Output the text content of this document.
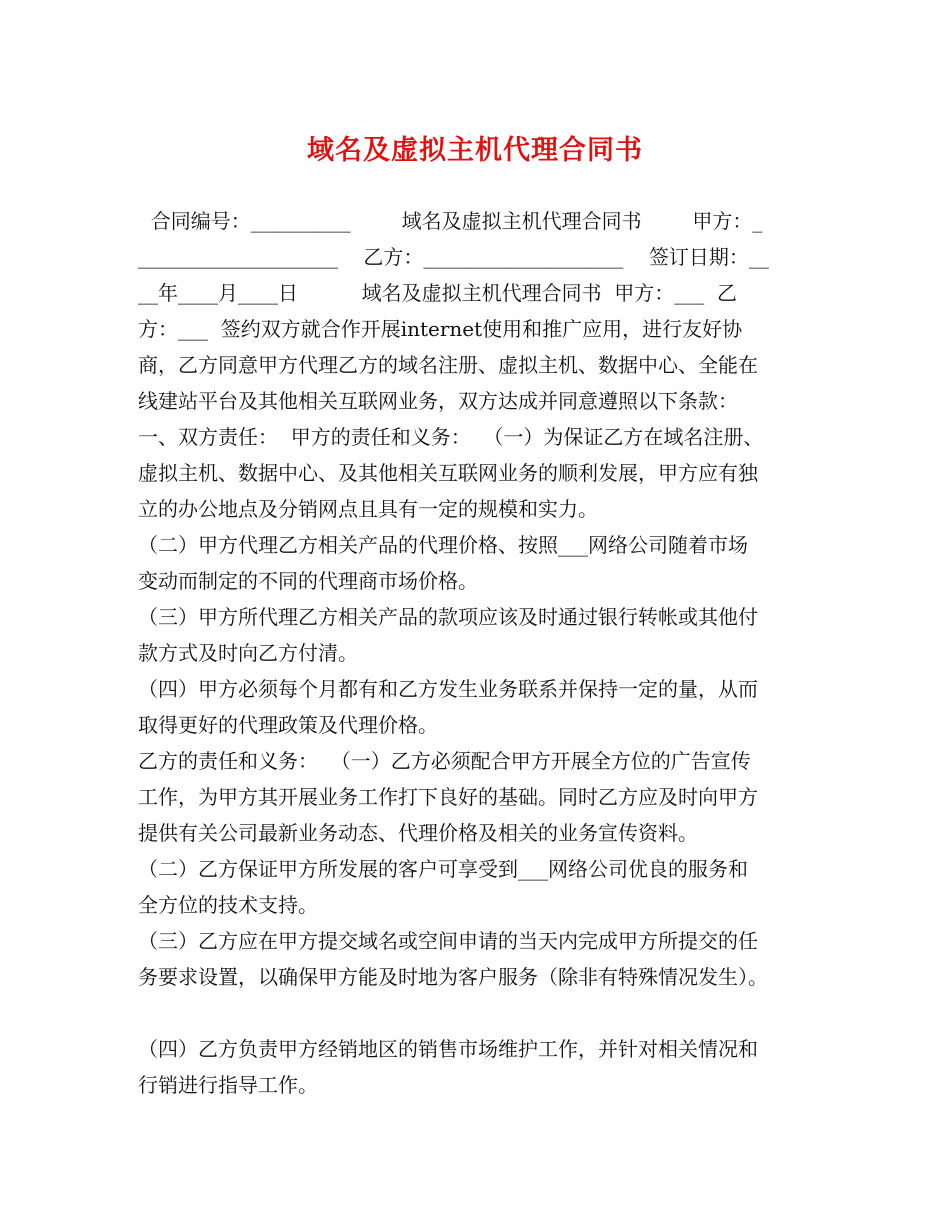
域名及虚拟主机代理合同书
合同编号：__________        域名及虚拟主机代理合同书        甲方：_
____________________    乙方：____________________    签订日期：__
__年____月____日          域名及虚拟主机代理合同书  甲方：___  乙
方：___  签约双方就合作开展internet使用和推广应用，进行友好协
商，乙方同意甲方代理乙方的域名注册、虚拟主机、数据中心、全能在
线建站平台及其他相关互联网业务，双方达成并同意遵照以下条款：
一、双方责任：  甲方的责任和义务：  （一）为保证乙方在域名注册、
虚拟主机、数据中心、及其他相关互联网业务的顺利发展，甲方应有独
立的办公地点及分销网点且具有一定的规模和实力。
（二）甲方代理乙方相关产品的代理价格、按照___网络公司随着市场
变动而制定的不同的代理商市场价格。
（三）甲方所代理乙方相关产品的款项应该及时通过银行转帐或其他付
款方式及时向乙方付清。
（四）甲方必须每个月都有和乙方发生业务联系并保持一定的量，从而
取得更好的代理政策及代理价格。
乙方的责任和义务：  （一）乙方必须配合甲方开展全方位的广告宣传
工作，为甲方其开展业务工作打下良好的基础。同时乙方应及时向甲方
提供有关公司最新业务动态、代理价格及相关的业务宣传资料。
（二）乙方保证甲方所发展的客户可享受到___网络公司优良的服务和
全方位的技术支持。
（三）乙方应在甲方提交域名或空间申请的当天内完成甲方所提交的任
务要求设置，以确保甲方能及时地为客户服务（除非有特殊情况发生）。
（四）乙方负责甲方经销地区的销售市场维护工作，并针对相关情况和
行销进行指导工作。
